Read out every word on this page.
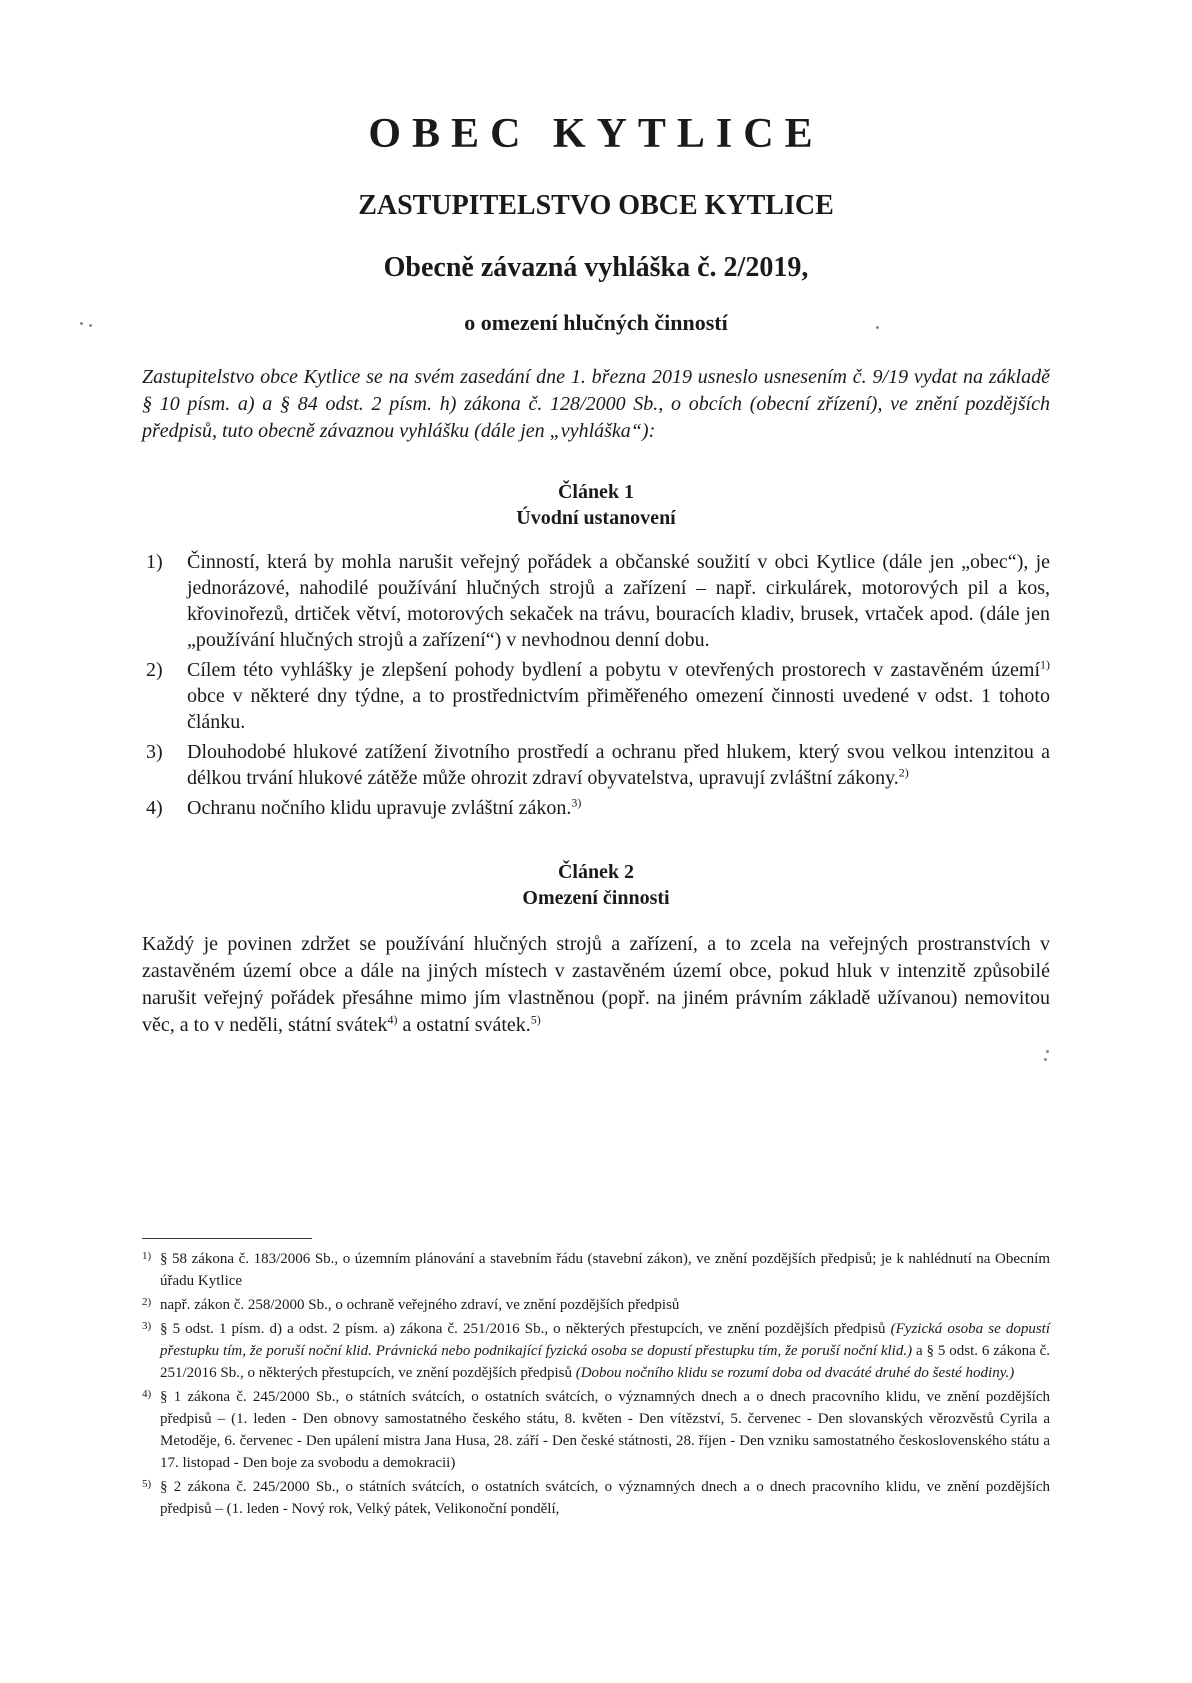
OBEC KYTLICE
ZASTUPITELSTVO OBCE KYTLICE
Obecně závazná vyhláška č. 2/2019,
o omezení hlučných činností

Zastupitelstvo obce Kytlice se na svém zasedání dne 1. března 2019 usneslo usnesením č. 9/19 vydat na základě § 10 písm. a) a § 84 odst. 2 písm. h) zákona č. 128/2000 Sb., o obcích (obecní zřízení), ve znění pozdějších předpisů, tuto obecně závaznou vyhlášku (dále jen „vyhláška“):

Článek 1
Úvodní ustanovení
1) Činností, která by mohla narušit veřejný pořádek a občanské soužití v obci Kytlice (dále jen „obec“), je jednorázové, nahodilé používání hlučných strojů a zařízení – např. cirkulárek, motorových pil a kos, křovinořezů, drtiček větví, motorových sekaček na trávu, bouracích kladiv, brusek, vrtaček apod. (dále jen „používání hlučných strojů a zařízení“) v nevhodnou denní dobu.
2) Cílem této vyhlášky je zlepšení pohody bydlení a pobytu v otevřených prostorech v zastavěném území$^{1)}$ obce v některé dny týdne, a to prostřednictvím přiměřeného omezení činnosti uvedené v odst. 1 tohoto článku.
3) Dlouhodobé hlukové zatížení životního prostředí a ochranu před hlukem, který svou velkou intenzitou a délkou trvání hlukové zátěže může ohrozit zdraví obyvatelstva, upravují zvláštní zákony.$^{2)}$
4) Ochranu nočního klidu upravuje zvláštní zákon.$^{3)}$
Článek 2
Omezení činnosti

Každý je povinen zdržet se používání hlučných strojů a zařízení, a to zcela na veřejných prostranstvích v zastavěném území obce a dále na jiných místech v zastavěném území obce, pokud hluk v intenzitě způsobilé narušit veřejný pořádek přesáhne mimo jím vlastněnou (popř. na jiném právním základě užívanou) nemovitou věc, a to v neděli, státní svátek$^{4)}$ a ostatní svátek.$^{5)}$

1) § 58 zákona č. 183/2006 Sb., o územním plánování a stavebním řádu (stavební zákon), ve znění pozdějších předpisů; je k nahlédnutí na Obecním úřadu Kytlice
2) např. zákon č. 258/2000 Sb., o ochraně veřejného zdraví, ve znění pozdějších předpisů
3) § 5 odst. 1 písm. d) a odst. 2 písm. a) zákona č. 251/2016 Sb., o některých přestupcích, ve znění pozdějších předpisů (Fyzická osoba se dopustí přestupku tím, že poruší noční klid. Právnická nebo podnikající fyzická osoba se dopustí přestupku tím, že poruší noční klid.) a § 5 odst. 6 zákona č. 251/2016 Sb., o některých přestupcích, ve znění pozdějších předpisů (Dobou nočního klidu se rozumí doba od dvacáté druhé do šesté hodiny.)
4) § 1 zákona č. 245/2000 Sb., o státních svátcích, o ostatních svátcích, o významných dnech a o dnech pracovního klidu, ve znění pozdějších předpisů – (1. leden - Den obnovy samostatného českého státu, 8. květen - Den vítězství, 5. červenec - Den slovanských věrozvěstů Cyrila a Metoděje, 6. červenec - Den upálení mistra Jana Husa, 28. září - Den české státnosti, 28. říjen - Den vzniku samostatného československého státu a 17. listopad - Den boje za svobodu a demokracii)
5) § 2 zákona č. 245/2000 Sb., o státních svátcích, o ostatních svátcích, o významných dnech a o dnech pracovního klidu, ve znění pozdějších předpisů – (1. leden - Nový rok, Velký pátek, Velikonoční pondělí,
